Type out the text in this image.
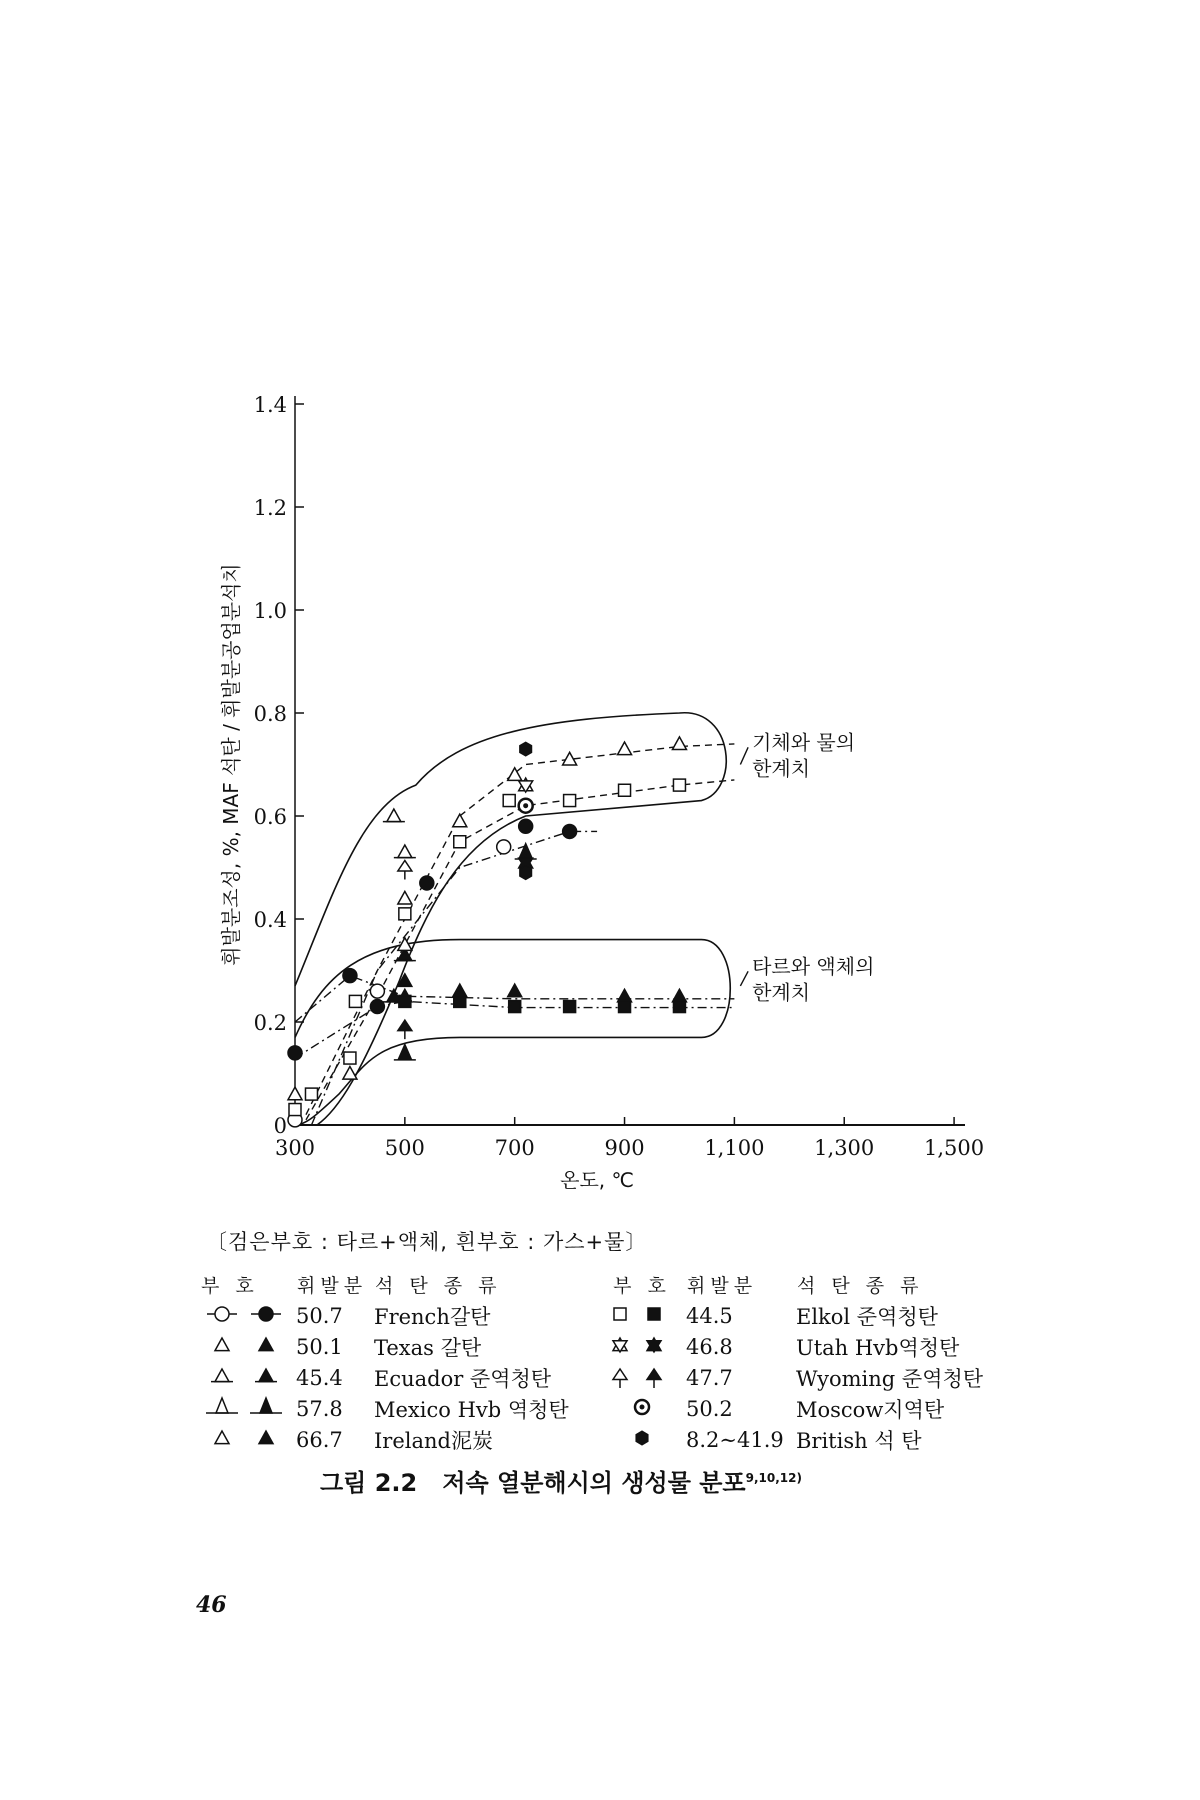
300	500	700	900	1,100 1,300 1,500
0
0.2
0.4
0.6
0.8
1.0
1.2
1.4
기체와 물의
한계치
타르와 액체의
한계치
휘발분조성, %, MAF 석탄 / 휘발분공업분석치
온도, ℃
〔검은부호 : 타르+액체, 흰부호 : 가스+물〕
부 호	휘발분	석 탄 종 류	부 호	휘발분	석 탄 종 류
	50.7	French갈탄		44.5	Elkol 준역청탄
	50.1	Texas 갈탄		46.8	Utah Hvb역청탄
	45.4	Ecuador 준역청탄		47.7	Wyoming 준역청탄
	57.8	Mexico Hvb 역청탄		50.2	Moscow지역탄
	66.7	Ireland泥炭		8.2∼41.9	British 석 탄
그림 2.2 저속 열분해시의 생성물 분포$^{9,10,12)}$
46
